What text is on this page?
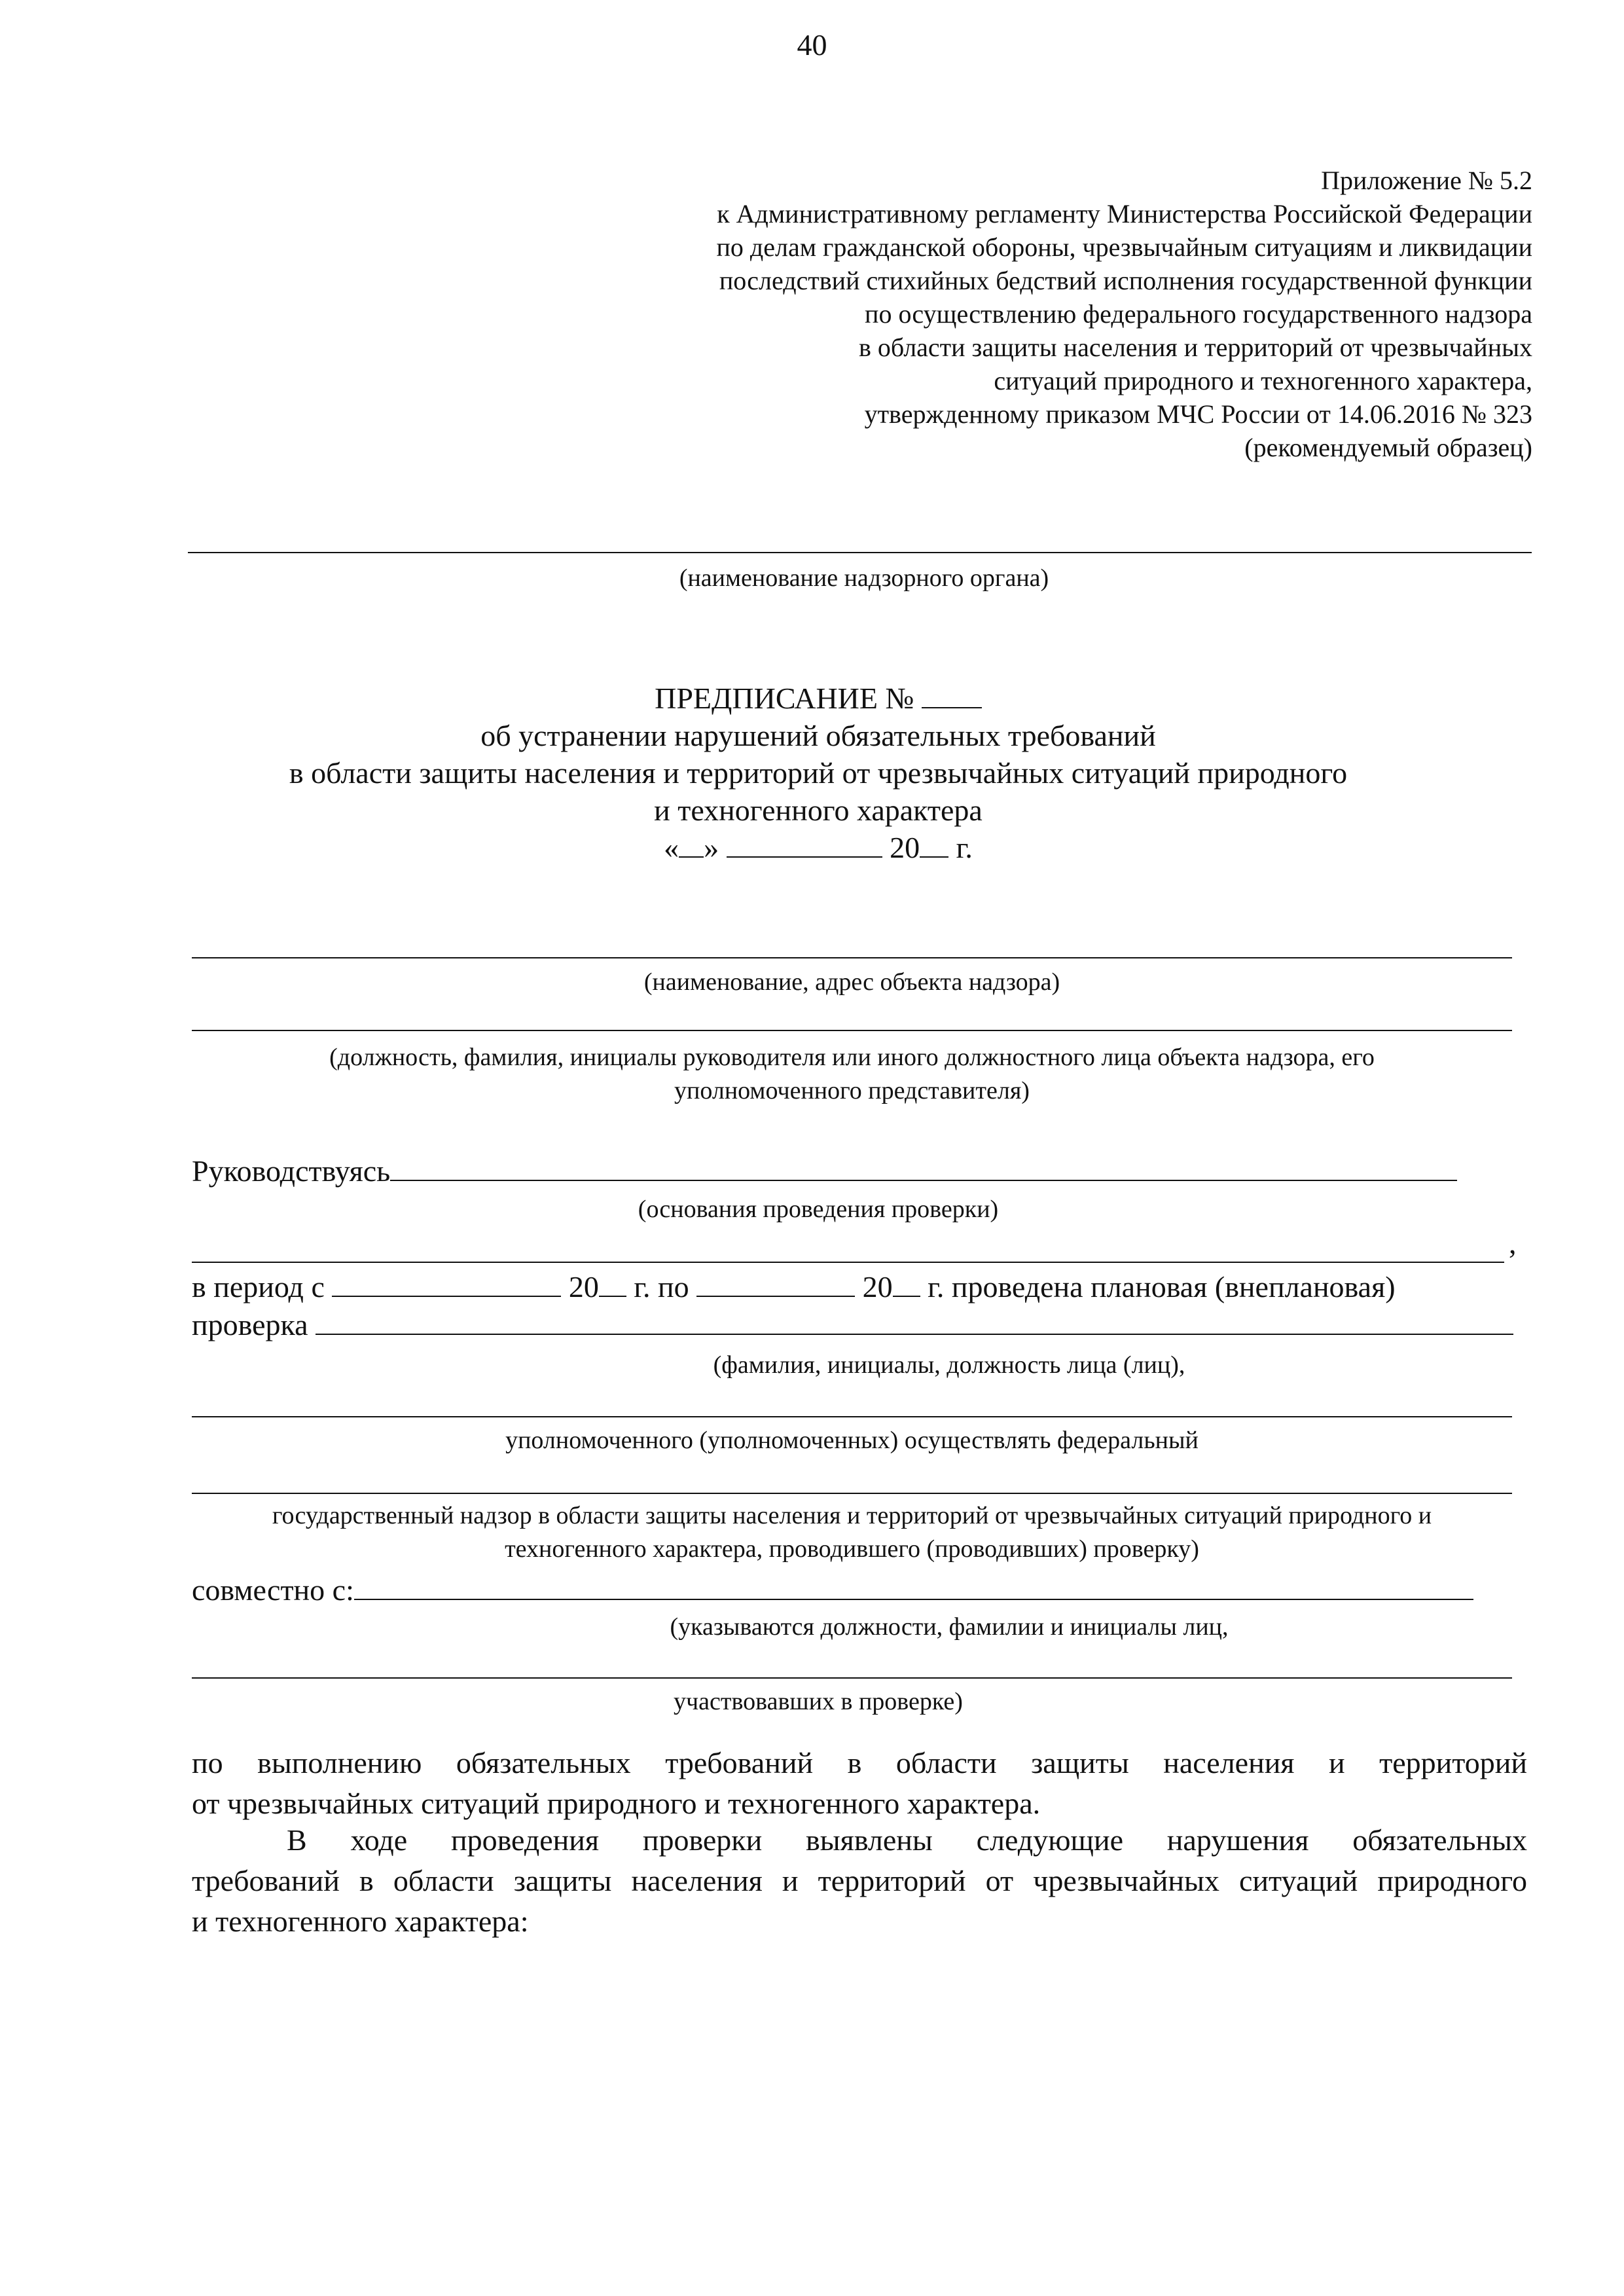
40
Приложение № 5.2
к Административному регламенту Министерства Российской Федерации
по делам гражданской обороны, чрезвычайным ситуациям и ликвидации
последствий стихийных бедствий исполнения государственной функции
по осуществлению федерального государственного надзора
в области защиты населения и территорий от чрезвычайных
ситуаций природного и техногенного характера,
утвержденному приказом МЧС России от 14.06.2016 № 323
(рекомендуемый образец)
(наименование надзорного органа)
ПРЕДПИСАНИЕ №
об устранении нарушений обязательных требований
в области защиты населения и территорий от чрезвычайных ситуаций природного
и техногенного характера
« »	20 г.
(наименование, адрес объекта надзора)
(должность, фамилия, инициалы руководителя или иного должностного лица объекта надзора, его
уполномоченного представителя)
Руководствуясь
(основания проведения проверки)
,
в период с	20 г. по	20 г. проведена плановая (внеплановая)
проверка
(фамилия, инициалы, должность лица (лиц),
уполномоченного (уполномоченных) осуществлять федеральный
государственный надзор в области защиты населения и территорий от чрезвычайных ситуаций природного и
техногенного характера, проводившего (проводивших) проверку)
совместно с:
(указываются должности, фамилии и инициалы лиц,
участвовавших в проверке)
по выполнению обязательных требований в области защиты населения и территорий
от чрезвычайных ситуаций природного и техногенного характера.
В ходе проведения проверки выявлены следующие нарушения обязательных
требований в области защиты населения и территорий от чрезвычайных ситуаций природного
и техногенного характера:
